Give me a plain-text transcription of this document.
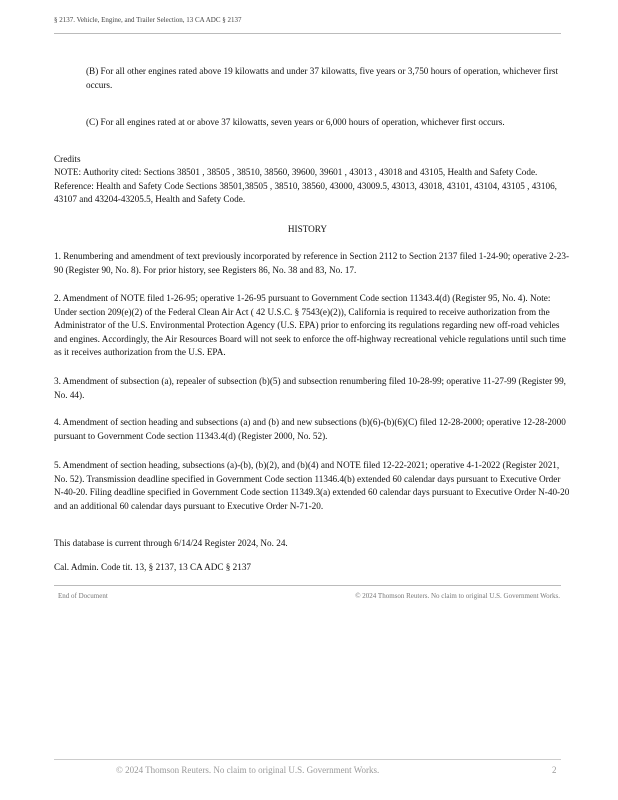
§ 2137. Vehicle, Engine, and Trailer Selection, 13 CA ADC § 2137
(B) For all other engines rated above 19 kilowatts and under 37 kilowatts, five years or 3,750 hours of operation, whichever first occurs.
(C) For all engines rated at or above 37 kilowatts, seven years or 6,000 hours of operation, whichever first occurs.
Credits
NOTE: Authority cited: Sections 38501 , 38505 , 38510, 38560, 39600, 39601 , 43013 , 43018 and 43105, Health and Safety Code. Reference: Health and Safety Code Sections 38501,38505 , 38510, 38560, 43000, 43009.5, 43013, 43018, 43101, 43104, 43105 , 43106, 43107 and 43204-43205.5, Health and Safety Code.
HISTORY
1. Renumbering and amendment of text previously incorporated by reference in Section 2112 to Section 2137 filed 1-24-90; operative 2-23-90 (Register 90, No. 8). For prior history, see Registers 86, No. 38 and 83, No. 17.
2. Amendment of NOTE filed 1-26-95; operative 1-26-95 pursuant to Government Code section 11343.4(d) (Register 95, No. 4). Note: Under section 209(e)(2) of the Federal Clean Air Act ( 42 U.S.C. § 7543(e)(2)), California is required to receive authorization from the Administrator of the U.S. Environmental Protection Agency (U.S. EPA) prior to enforcing its regulations regarding new off-road vehicles and engines. Accordingly, the Air Resources Board will not seek to enforce the off-highway recreational vehicle regulations until such time as it receives authorization from the U.S. EPA.
3. Amendment of subsection (a), repealer of subsection (b)(5) and subsection renumbering filed 10-28-99; operative 11-27-99 (Register 99, No. 44).
4. Amendment of section heading and subsections (a) and (b) and new subsections (b)(6)-(b)(6)(C) filed 12-28-2000; operative 12-28-2000 pursuant to Government Code section 11343.4(d) (Register 2000, No. 52).
5. Amendment of section heading, subsections (a)-(b), (b)(2), and (b)(4) and NOTE filed 12-22-2021; operative 4-1-2022 (Register 2021, No. 52). Transmission deadline specified in Government Code section 11346.4(b) extended 60 calendar days pursuant to Executive Order N-40-20. Filing deadline specified in Government Code section 11349.3(a) extended 60 calendar days pursuant to Executive Order N-40-20 and an additional 60 calendar days pursuant to Executive Order N-71-20.
This database is current through 6/14/24 Register 2024, No. 24.
Cal. Admin. Code tit. 13, § 2137, 13 CA ADC § 2137
End of Document	© 2024 Thomson Reuters. No claim to original U.S. Government Works.
© 2024 Thomson Reuters. No claim to original U.S. Government Works.	2
